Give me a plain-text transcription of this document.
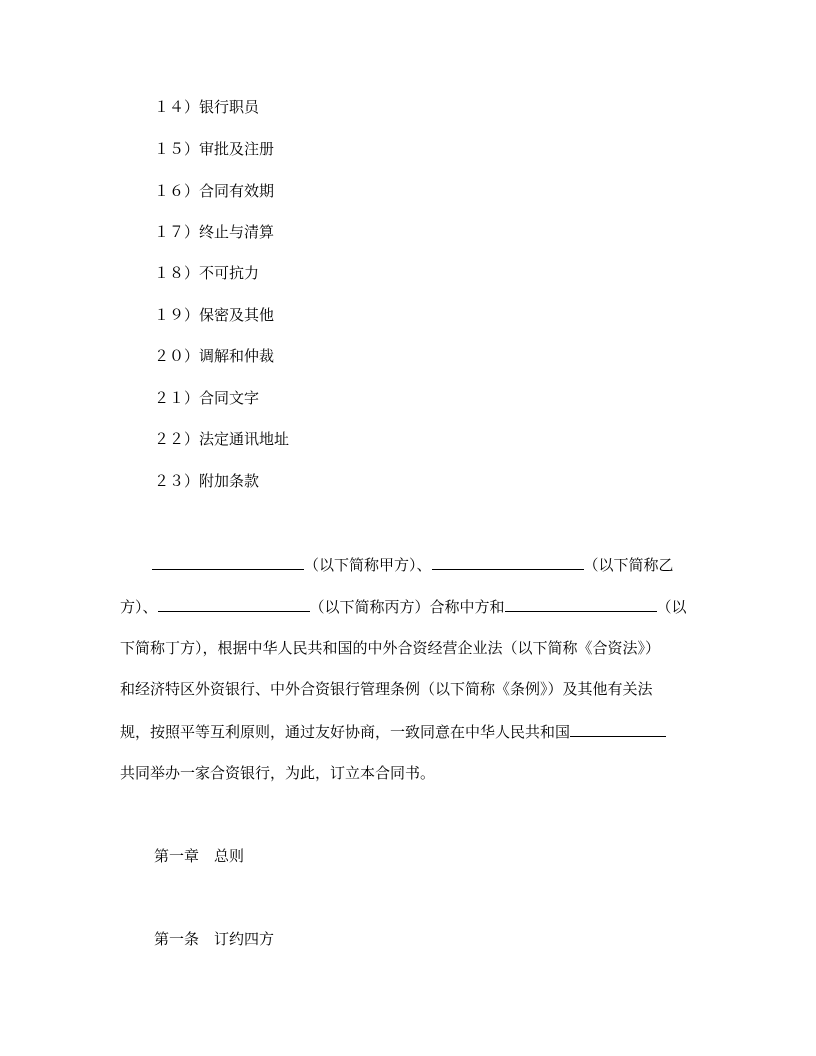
１４）银行职员
１５）审批及注册
１６）合同有效期
１７）终止与清算
１８）不可抗力
１９）保密及其他
２０）调解和仲裁
２１）合同文字
２２）法定通讯地址
２３）附加条款
（以下简称甲方）、	（以下简称乙
方）、	（以下简称丙方）合称中方和	（以
下简称丁方），根据中华人民共和国的中外合资经营企业法（以下简称《合资法》）
和经济特区外资银行、中外合资银行管理条例（以下简称《条例》）及其他有关法
规，按照平等互利原则，通过友好协商，一致同意在中华人民共和国
共同举办一家合资银行，为此，订立本合同书。
第一章　总则
第一条　订约四方
